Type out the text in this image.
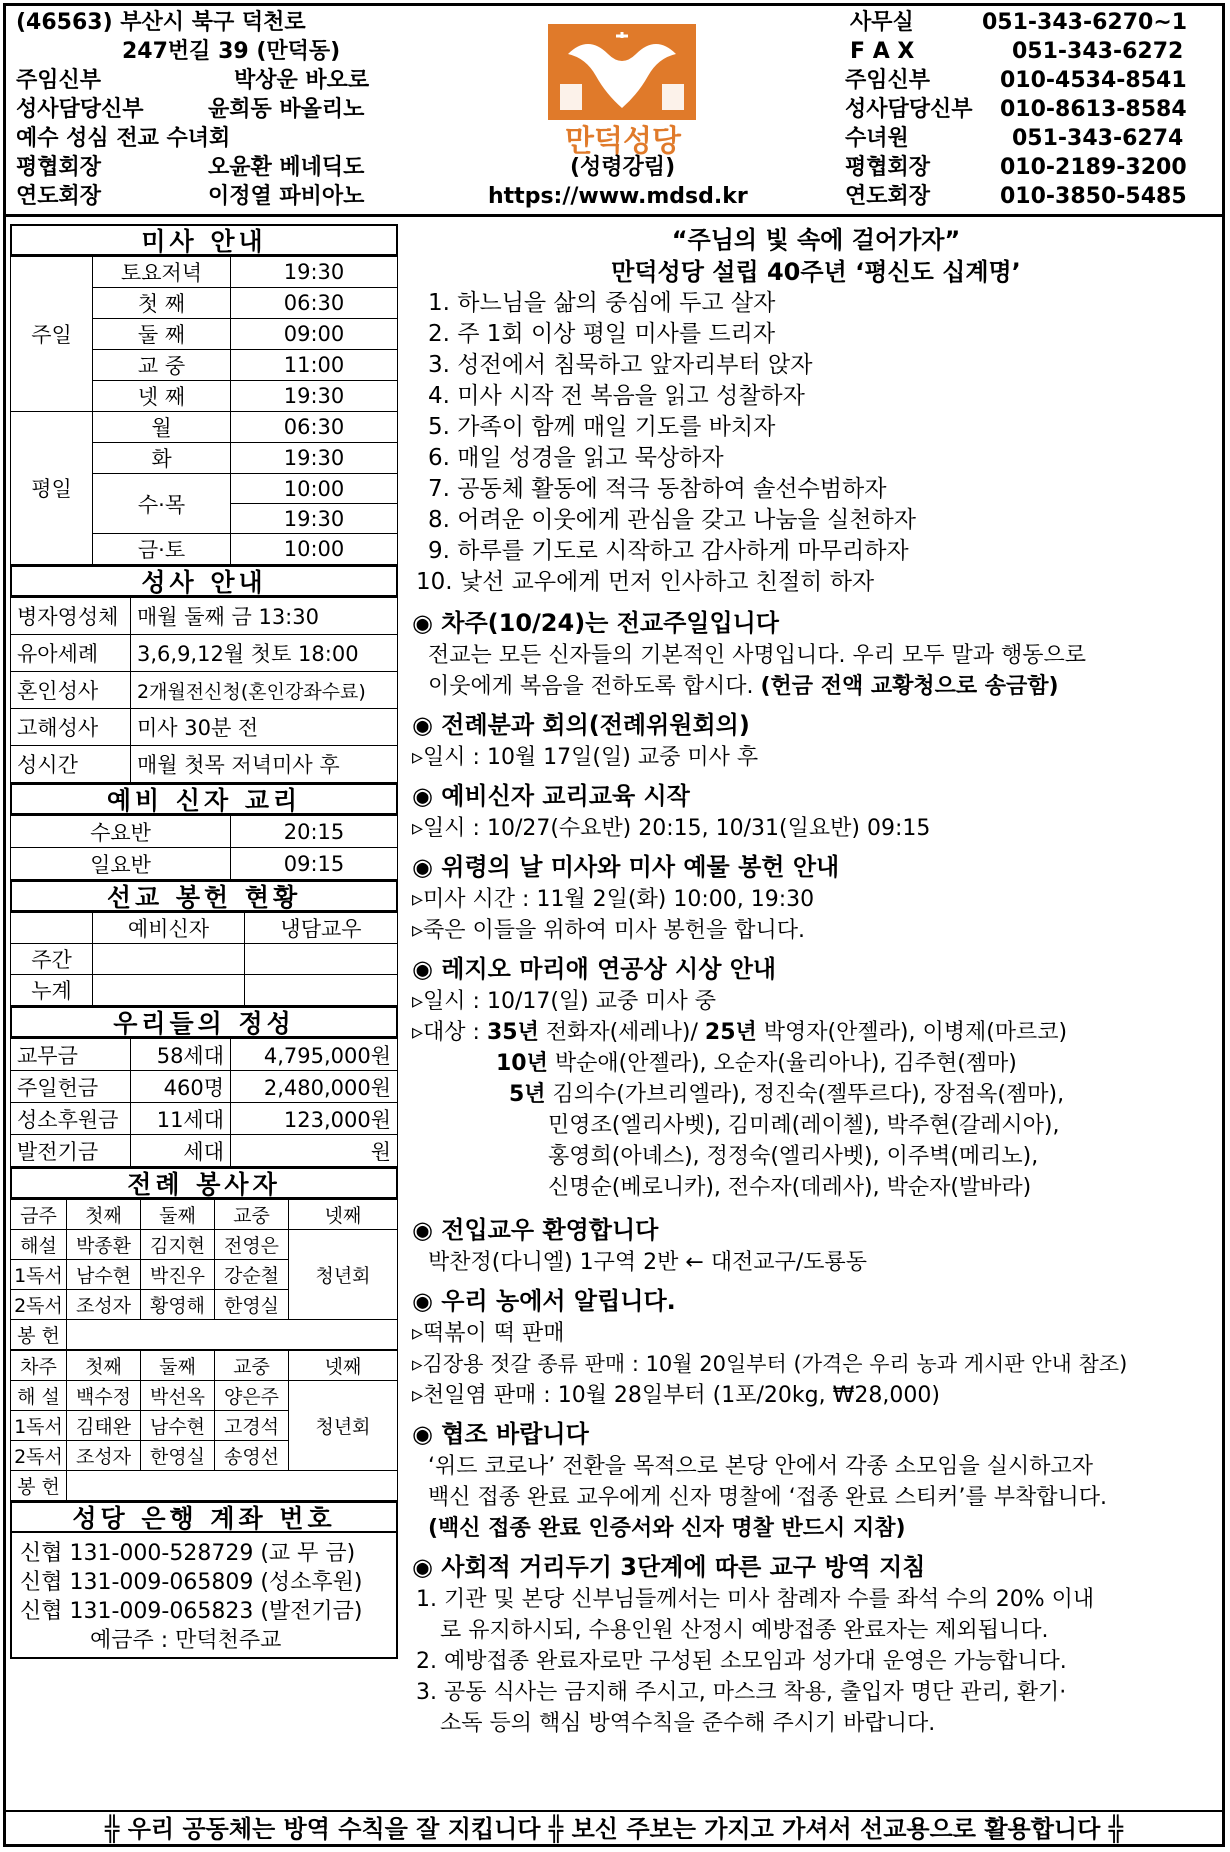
(46563) 부산시 북구 덕천로
247번길 39 (만덕동)
주임신부	박상운 바오로
성사담당신부	윤희동 바올리노
예수 성심 전교 수녀회
평협회장	오윤환 베네딕도
연도회장	이정열 파비아노
만덕성당
(성령강림)
https://www.mdsd.kr
사무실	051-343-6270~1
F A X	051-343-6272
주임신부	010-4534-8541
성사담당신부 010-8613-8584
수녀원	051-343-6274
평협회장	010-2189-3200
연도회장	010-3850-5485
미사 안내
주일	토요저녁	19:30
	첫 째	06:30
	둘 째	09:00
	교 중	11:00
	넷 째	19:30
평일	월	06:30
	화	19:30
	수·목	10:00
		19:30
	금·토	10:00
성사 안내
병자영성체	매월 둘째 금 13:30
유아세례	3,6,9,12월 첫토 18:00
혼인성사	2개월전신청(혼인강좌수료)
고해성사	미사 30분 전
성시간	매월 첫목 저녁미사 후
예비 신자 교리
수요반	20:15
일요반	09:15
선교 봉헌 현황
	예비신자	냉담교우
주간		
누계		
우리들의 정성
교무금	58세대	4,795,000원
주일헌금	460명	2,480,000원
성소후원금	11세대	123,000원
발전기금	세대	원
전례 봉사자
금주	첫째	둘째	교중	넷째
해설	박종환	김지현	전영은	청년회
1독서	남수현	박진우	강순철	
2독서	조성자	황영해	한영실	
봉 헌				
차주	첫째	둘째	교중	넷째
해 설	백수정	박선옥	양은주	청년회
1독서	김태완	남수현	고경석	
2독서	조성자	한영실	송영선	
봉 헌				
성당 은행 계좌 번호
신협 131-000-528729 (교 무 금)
신협 131-009-065809 (성소후원)
신협 131-009-065823 (발전기금)
예금주 : 만덕천주교
“주님의 빛 속에 걸어가자”
만덕성당 설립 40주년 ‘평신도 십계명’
1. 하느님을 삶의 중심에 두고 살자
2. 주 1회 이상 평일 미사를 드리자
3. 성전에서 침묵하고 앞자리부터 앉자
4. 미사 시작 전 복음을 읽고 성찰하자
5. 가족이 함께 매일 기도를 바치자
6. 매일 성경을 읽고 묵상하자
7. 공동체 활동에 적극 동참하여 솔선수범하자
8. 어려운 이웃에게 관심을 갖고 나눔을 실천하자
9. 하루를 기도로 시작하고 감사하게 마무리하자
10. 낯선 교우에게 먼저 인사하고 친절히 하자
◉ 차주(10/24)는 전교주일입니다
전교는 모든 신자들의 기본적인 사명입니다. 우리 모두 말과 행동으로
이웃에게 복음을 전하도록 합시다. (헌금 전액 교황청으로 송금함)
◉ 전례분과 회의(전례위원회의)
▹일시 : 10월 17일(일) 교중 미사 후
◉ 예비신자 교리교육 시작
▹일시 : 10/27(수요반) 20:15, 10/31(일요반) 09:15
◉ 위령의 날 미사와 미사 예물 봉헌 안내
▹미사 시간 : 11월 2일(화) 10:00, 19:30
▹죽은 이들을 위하여 미사 봉헌을 합니다.
◉ 레지오 마리애 연공상 시상 안내
▹일시 : 10/17(일) 교중 미사 중
▹대상 : 35년 전화자(세레나)/ 25년 박영자(안젤라), 이병제(마르코)
10년 박순애(안젤라), 오순자(율리아나), 김주현(젬마)
5년 김의수(가브리엘라), 정진숙(젤뚜르다), 장점옥(젬마),
민영조(엘리사벳), 김미례(레이첼), 박주현(갈레시아),
홍영희(아녜스), 정정숙(엘리사벳), 이주벽(메리노),
신명순(베로니카), 전수자(데레사), 박순자(발바라)
◉ 전입교우 환영합니다
박찬정(다니엘) 1구역 2반 ← 대전교구/도룡동
◉ 우리 농에서 알립니다.
▹떡볶이 떡 판매
▹김장용 젓갈 종류 판매 : 10월 20일부터 (가격은 우리 농과 게시판 안내 참조)
▹천일염 판매 : 10월 28일부터 (1포/20kg, ₩28,000)
◉ 협조 바랍니다
‘위드 코로나’ 전환을 목적으로 본당 안에서 각종 소모임을 실시하고자
백신 접종 완료 교우에게 신자 명찰에 ‘접종 완료 스티커’를 부착합니다.
(백신 접종 완료 인증서와 신자 명찰 반드시 지참)
◉ 사회적 거리두기 3단계에 따른 교구 방역 지침
1. 기관 및 본당 신부님들께서는 미사 참례자 수를 좌석 수의 20% 이내
로 유지하시되, 수용인원 산정시 예방접종 완료자는 제외됩니다.
2. 예방접종 완료자로만 구성된 소모임과 성가대 운영은 가능합니다.
3. 공동 식사는 금지해 주시고, 마스크 착용, 출입자 명단 관리, 환기·
소독 등의 핵심 방역수칙을 준수해 주시기 바랍니다.
╬ 우리 공동체는 방역 수칙을 잘 지킵니다 ╬ 보신 주보는 가지고 가셔서 선교용으로 활용합니다 ╬
